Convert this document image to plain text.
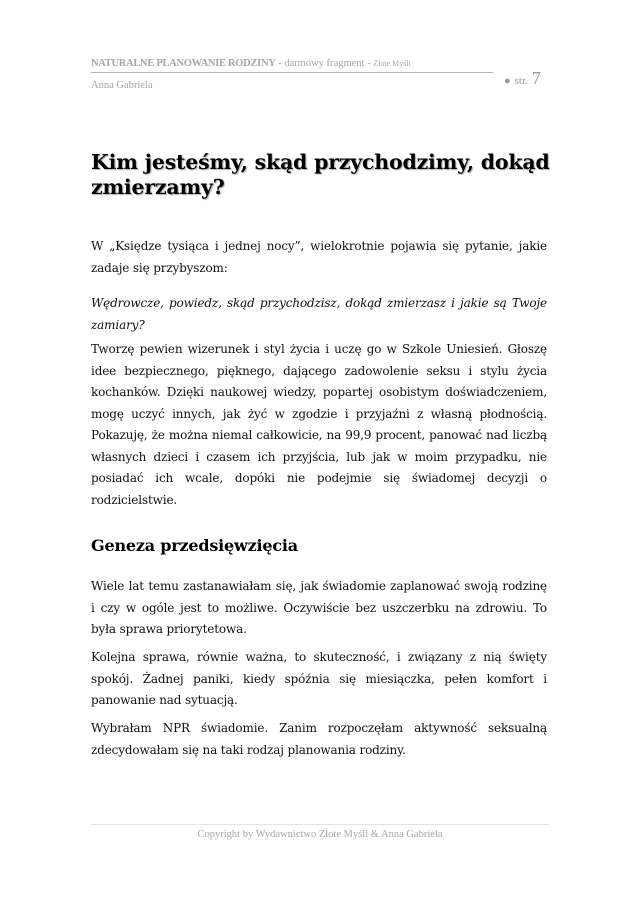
NATURALNE PLANOWANIE RODZINY - darmowy fragment - Złote Myśli
Anna Gabriela	● str. 7
Kim jesteśmy, skąd przychodzimy, dokąd zmierzamy?

W „Księdze tysiąca i jednej nocy”, wielokrotnie pojawia się pytanie, jakie zadaje się przybyszom:

Wędrowcze, powiedz, skąd przychodzisz, dokąd zmierzasz i jakie są Twoje zamiary?

Tworzę pewien wizerunek i styl życia i uczę go w Szkole Uniesień. Głoszę idee bezpiecznego, pięknego, dającego zadowolenie seksu i stylu życia kochanków. Dzięki naukowej wiedzy, popartej osobistym doświadczeniem, mogę uczyć innych, jak żyć w zgodzie i przyjaźni z własną płodnością. Pokazuję, że można niemal całkowicie, na 99,9 procent, panować nad liczbą własnych dzieci i czasem ich przyjścia, lub jak w moim przypadku, nie posiadać ich wcale, dopóki nie podejmie się świadomej decyzji o rodzicielstwie.

Geneza przedsięwzięcia

Wiele lat temu zastanawiałam się, jak świadomie zaplanować swoją rodzinę i czy w ogóle jest to możliwe. Oczywiście bez uszczerbku na zdrowiu. To była sprawa priorytetowa.

Kolejna sprawa, równie ważna, to skuteczność, i związany z nią święty spokój. Żadnej paniki, kiedy spóźnia się miesiączka, pełen komfort i panowanie nad sytuacją.

Wybrałam NPR świadomie. Zanim rozpoczęłam aktywność seksualną zdecydowałam się na taki rodzaj planowania rodziny.

Copyright by Wydawnictwo Złote Myśli & Anna Gabriela
